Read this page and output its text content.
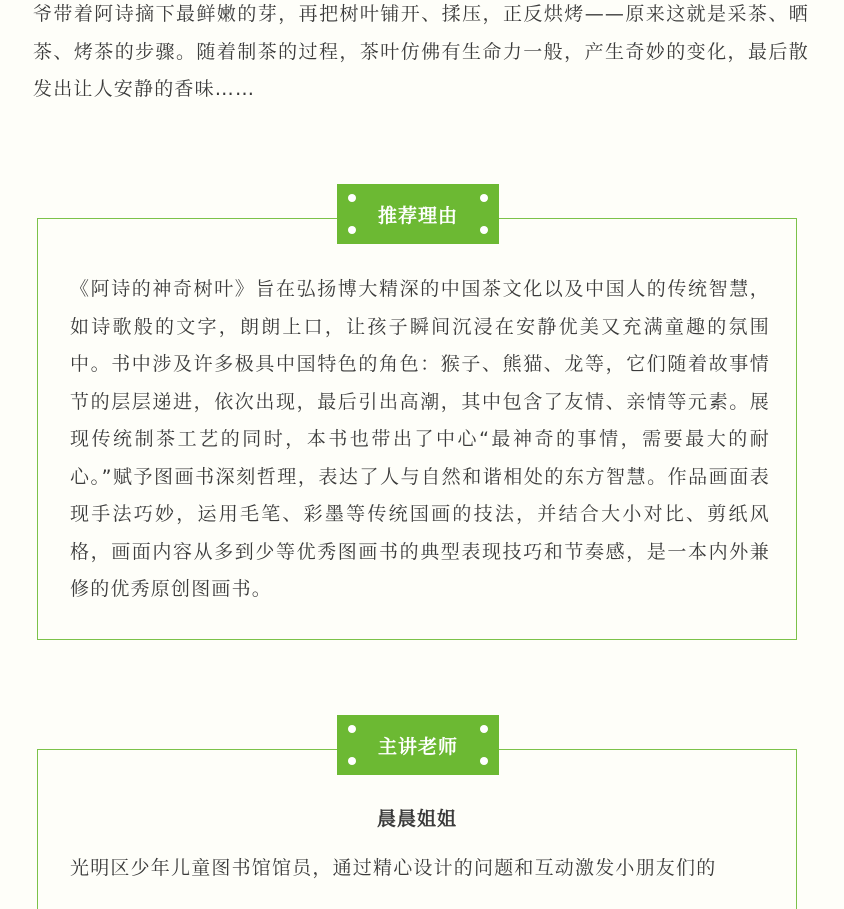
爷带着阿诗摘下最鲜嫩的芽，再把树叶铺开、揉压，正反烘烤——原来这就是采茶、晒茶、烤茶的步骤。随着制茶的过程，茶叶仿佛有生命力一般，产生奇妙的变化，最后散发出让人安静的香味……

推荐理由

《阿诗的神奇树叶》旨在弘扬博大精深的中国茶文化以及中国人的传统智慧，如诗歌般的文字，朗朗上口，让孩子瞬间沉浸在安静优美又充满童趣的氛围中。书中涉及许多极具中国特色的角色：猴子、熊猫、龙等，它们随着故事情节的层层递进，依次出现，最后引出高潮，其中包含了友情、亲情等元素。展现传统制茶工艺的同时，本书也带出了中心“最神奇的事情，需要最大的耐心。”赋予图画书深刻哲理，表达了人与自然和谐相处的东方智慧。作品画面表现手法巧妙，运用毛笔、彩墨等传统国画的技法，并结合大小对比、剪纸风格，画面内容从多到少等优秀图画书的典型表现技巧和节奏感，是一本内外兼修的优秀原创图画书。

主讲老师

晨晨姐姐

光明区少年儿童图书馆馆员，通过精心设计的问题和互动激发小朋友们的
